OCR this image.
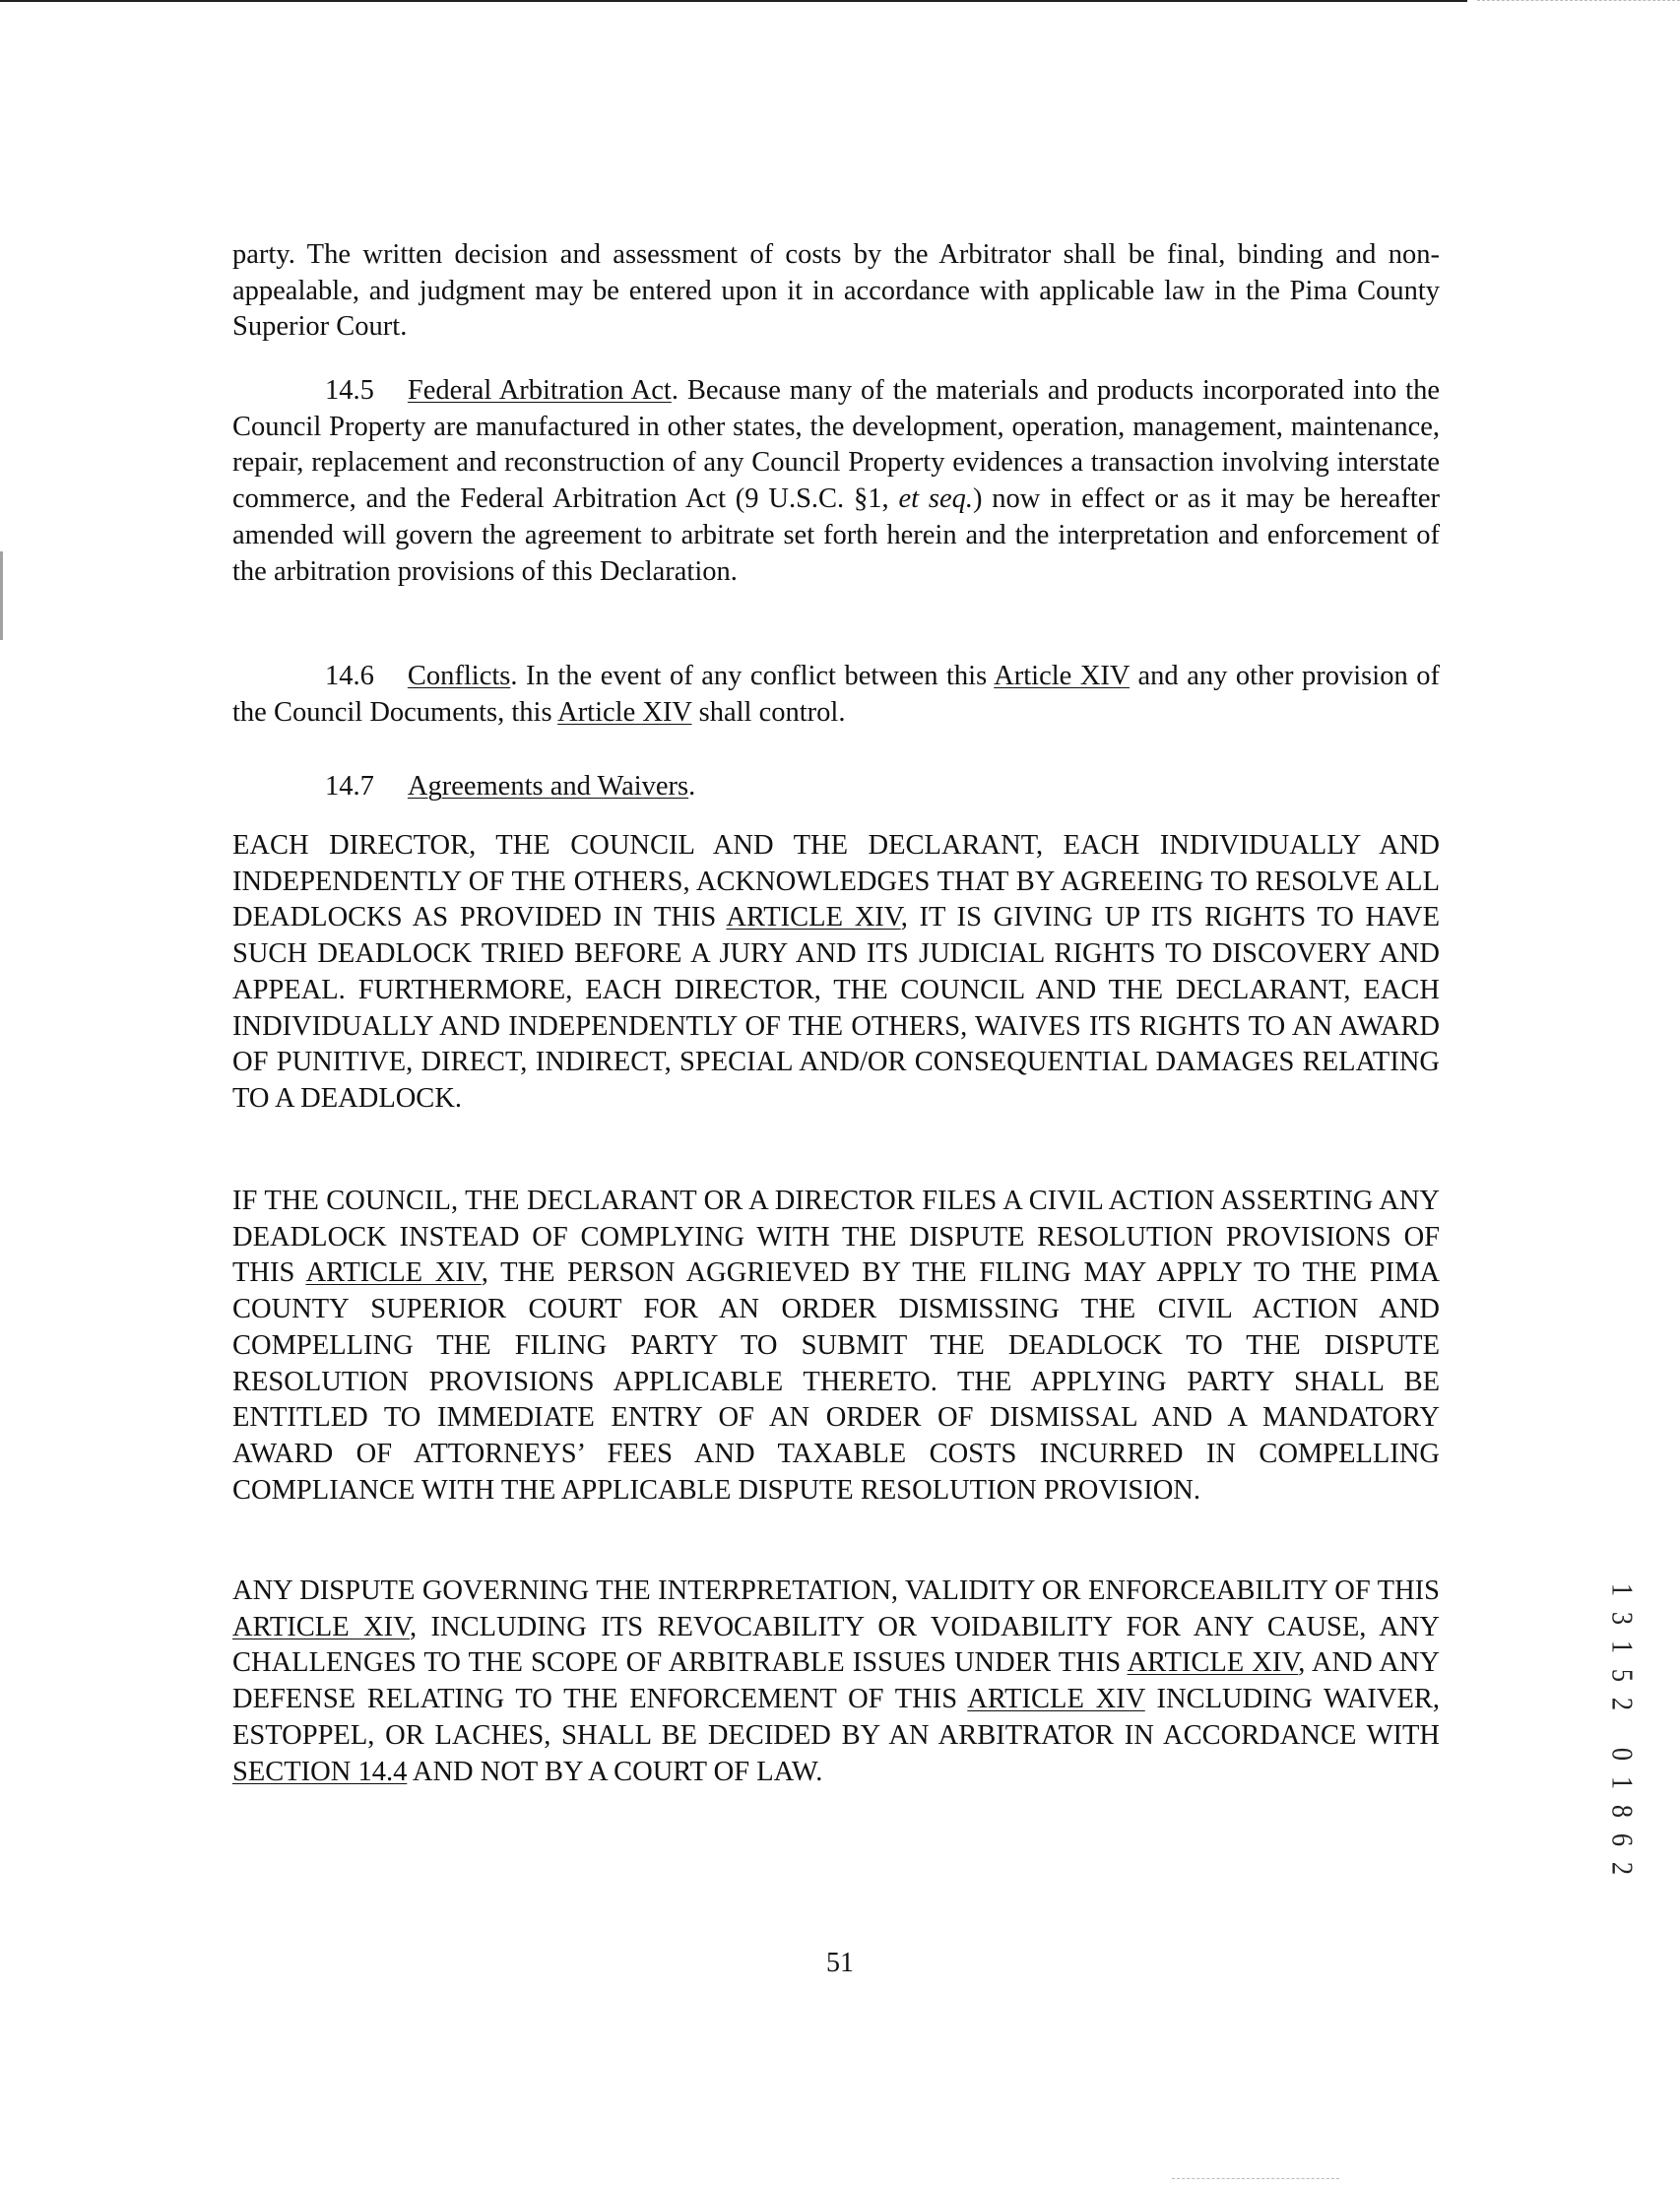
party. The written decision and assessment of costs by the Arbitrator shall be final, binding and non-appealable, and judgment may be entered upon it in accordance with applicable law in the Pima County Superior Court.

14.5 Federal Arbitration Act. Because many of the materials and products incorporated into the Council Property are manufactured in other states, the development, operation, management, maintenance, repair, replacement and reconstruction of any Council Property evidences a transaction involving interstate commerce, and the Federal Arbitration Act (9 U.S.C. §1, et seq.) now in effect or as it may be hereafter amended will govern the agreement to arbitrate set forth herein and the interpretation and enforcement of the arbitration provisions of this Declaration.

14.6 Conflicts. In the event of any conflict between this Article XIV and any other provision of the Council Documents, this Article XIV shall control.

14.7 Agreements and Waivers.

EACH DIRECTOR, THE COUNCIL AND THE DECLARANT, EACH INDIVIDUALLY AND INDEPENDENTLY OF THE OTHERS, ACKNOWLEDGES THAT BY AGREEING TO RESOLVE ALL DEADLOCKS AS PROVIDED IN THIS ARTICLE XIV, IT IS GIVING UP ITS RIGHTS TO HAVE SUCH DEADLOCK TRIED BEFORE A JURY AND ITS JUDICIAL RIGHTS TO DISCOVERY AND APPEAL. FURTHERMORE, EACH DIRECTOR, THE COUNCIL AND THE DECLARANT, EACH INDIVIDUALLY AND INDEPENDENTLY OF THE OTHERS, WAIVES ITS RIGHTS TO AN AWARD OF PUNITIVE, DIRECT, INDIRECT, SPECIAL AND/OR CONSEQUENTIAL DAMAGES RELATING TO A DEADLOCK.

IF THE COUNCIL, THE DECLARANT OR A DIRECTOR FILES A CIVIL ACTION ASSERTING ANY DEADLOCK INSTEAD OF COMPLYING WITH THE DISPUTE RESOLUTION PROVISIONS OF THIS ARTICLE XIV, THE PERSON AGGRIEVED BY THE FILING MAY APPLY TO THE PIMA COUNTY SUPERIOR COURT FOR AN ORDER DISMISSING THE CIVIL ACTION AND COMPELLING THE FILING PARTY TO SUBMIT THE DEADLOCK TO THE DISPUTE RESOLUTION PROVISIONS APPLICABLE THERETO. THE APPLYING PARTY SHALL BE ENTITLED TO IMMEDIATE ENTRY OF AN ORDER OF DISMISSAL AND A MANDATORY AWARD OF ATTORNEYS’ FEES AND TAXABLE COSTS INCURRED IN COMPELLING COMPLIANCE WITH THE APPLICABLE DISPUTE RESOLUTION PROVISION.

ANY DISPUTE GOVERNING THE INTERPRETATION, VALIDITY OR ENFORCEABILITY OF THIS ARTICLE XIV, INCLUDING ITS REVOCABILITY OR VOIDABILITY FOR ANY CAUSE, ANY CHALLENGES TO THE SCOPE OF ARBITRABLE ISSUES UNDER THIS ARTICLE XIV, AND ANY DEFENSE RELATING TO THE ENFORCEMENT OF THIS ARTICLE XIV INCLUDING WAIVER, ESTOPPEL, OR LACHES, SHALL BE DECIDED BY AN ARBITRATOR IN ACCORDANCE WITH SECTION 14.4 AND NOT BY A COURT OF LAW.

51
1
3
1
5
2
0
1
8
6
2
